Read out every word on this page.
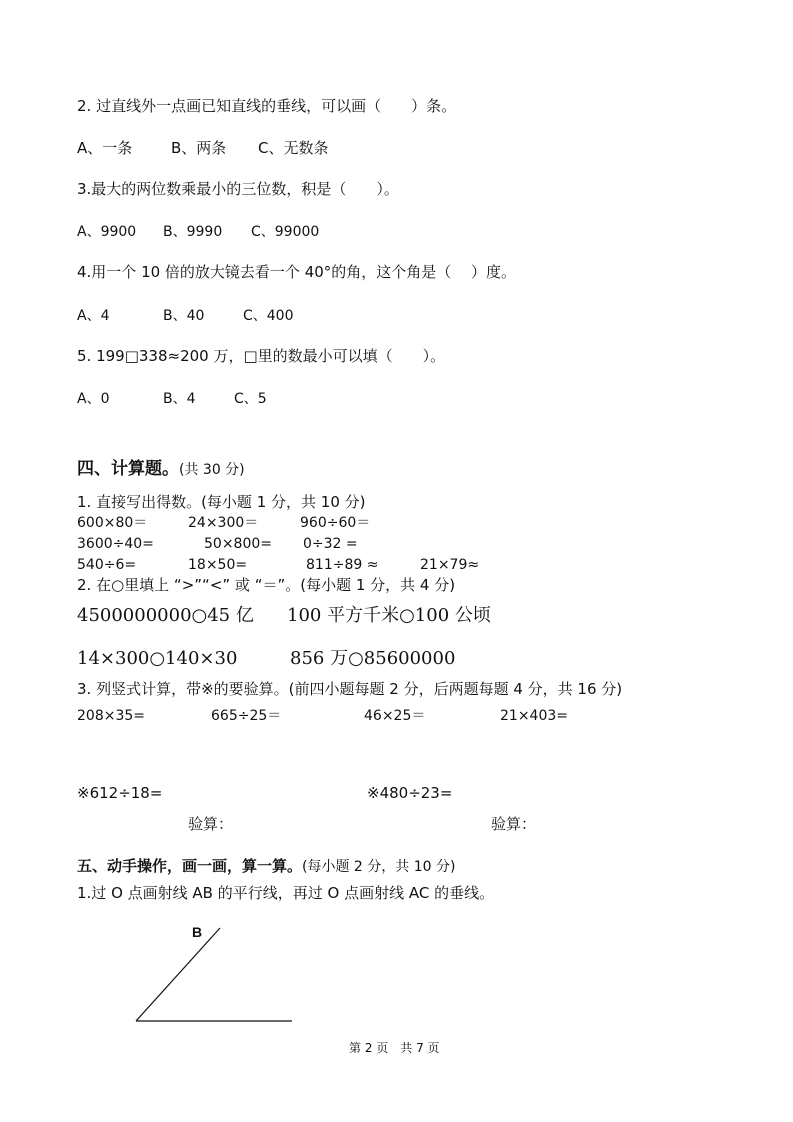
2. 过直线外一点画已知直线的垂线，可以画（　　）条。
A、一条	B、两条 C、无数条
3.最大的两位数乘最小的三位数，积是（　　）。
A、9900 B、9990 C、99000
4.用一个 10 倍的放大镜去看一个 40°的角，这个角是（　 ）度。
A、4	B、40	C、400
5. 199□338≈200 万，□里的数最小可以填（　　）。
A、0	B、4	C、5
四、计算题。(共 30 分)
1. 直接写出得数。(每小题 1 分，共 10 分)
600×80＝	24×300＝	960÷60＝
3600÷40=	50×800= 0÷32 =
540÷6=	18×50=	811÷89 ≈	21×79≈
2. 在○里填上 “>”“<” 或 “＝”。(每小题 1 分，共 4 分)
4500000000○45 亿 100 平方千米○100 公顷
14×300○140×30	856 万○85600000
3. 列竖式计算，带※的要验算。(前四小题每题 2 分，后两题每题 4 分，共 16 分)
208×35=	665÷25＝	46×25＝	21×403=
※612÷18=	※480÷23=
验算：	验算：
五、动手操作，画一画，算一算。(每小题 2 分，共 10 分)
1.过 O 点画射线 AB 的平行线，再过 O 点画射线 AC 的垂线。
B
第 2 页　共 7 页
